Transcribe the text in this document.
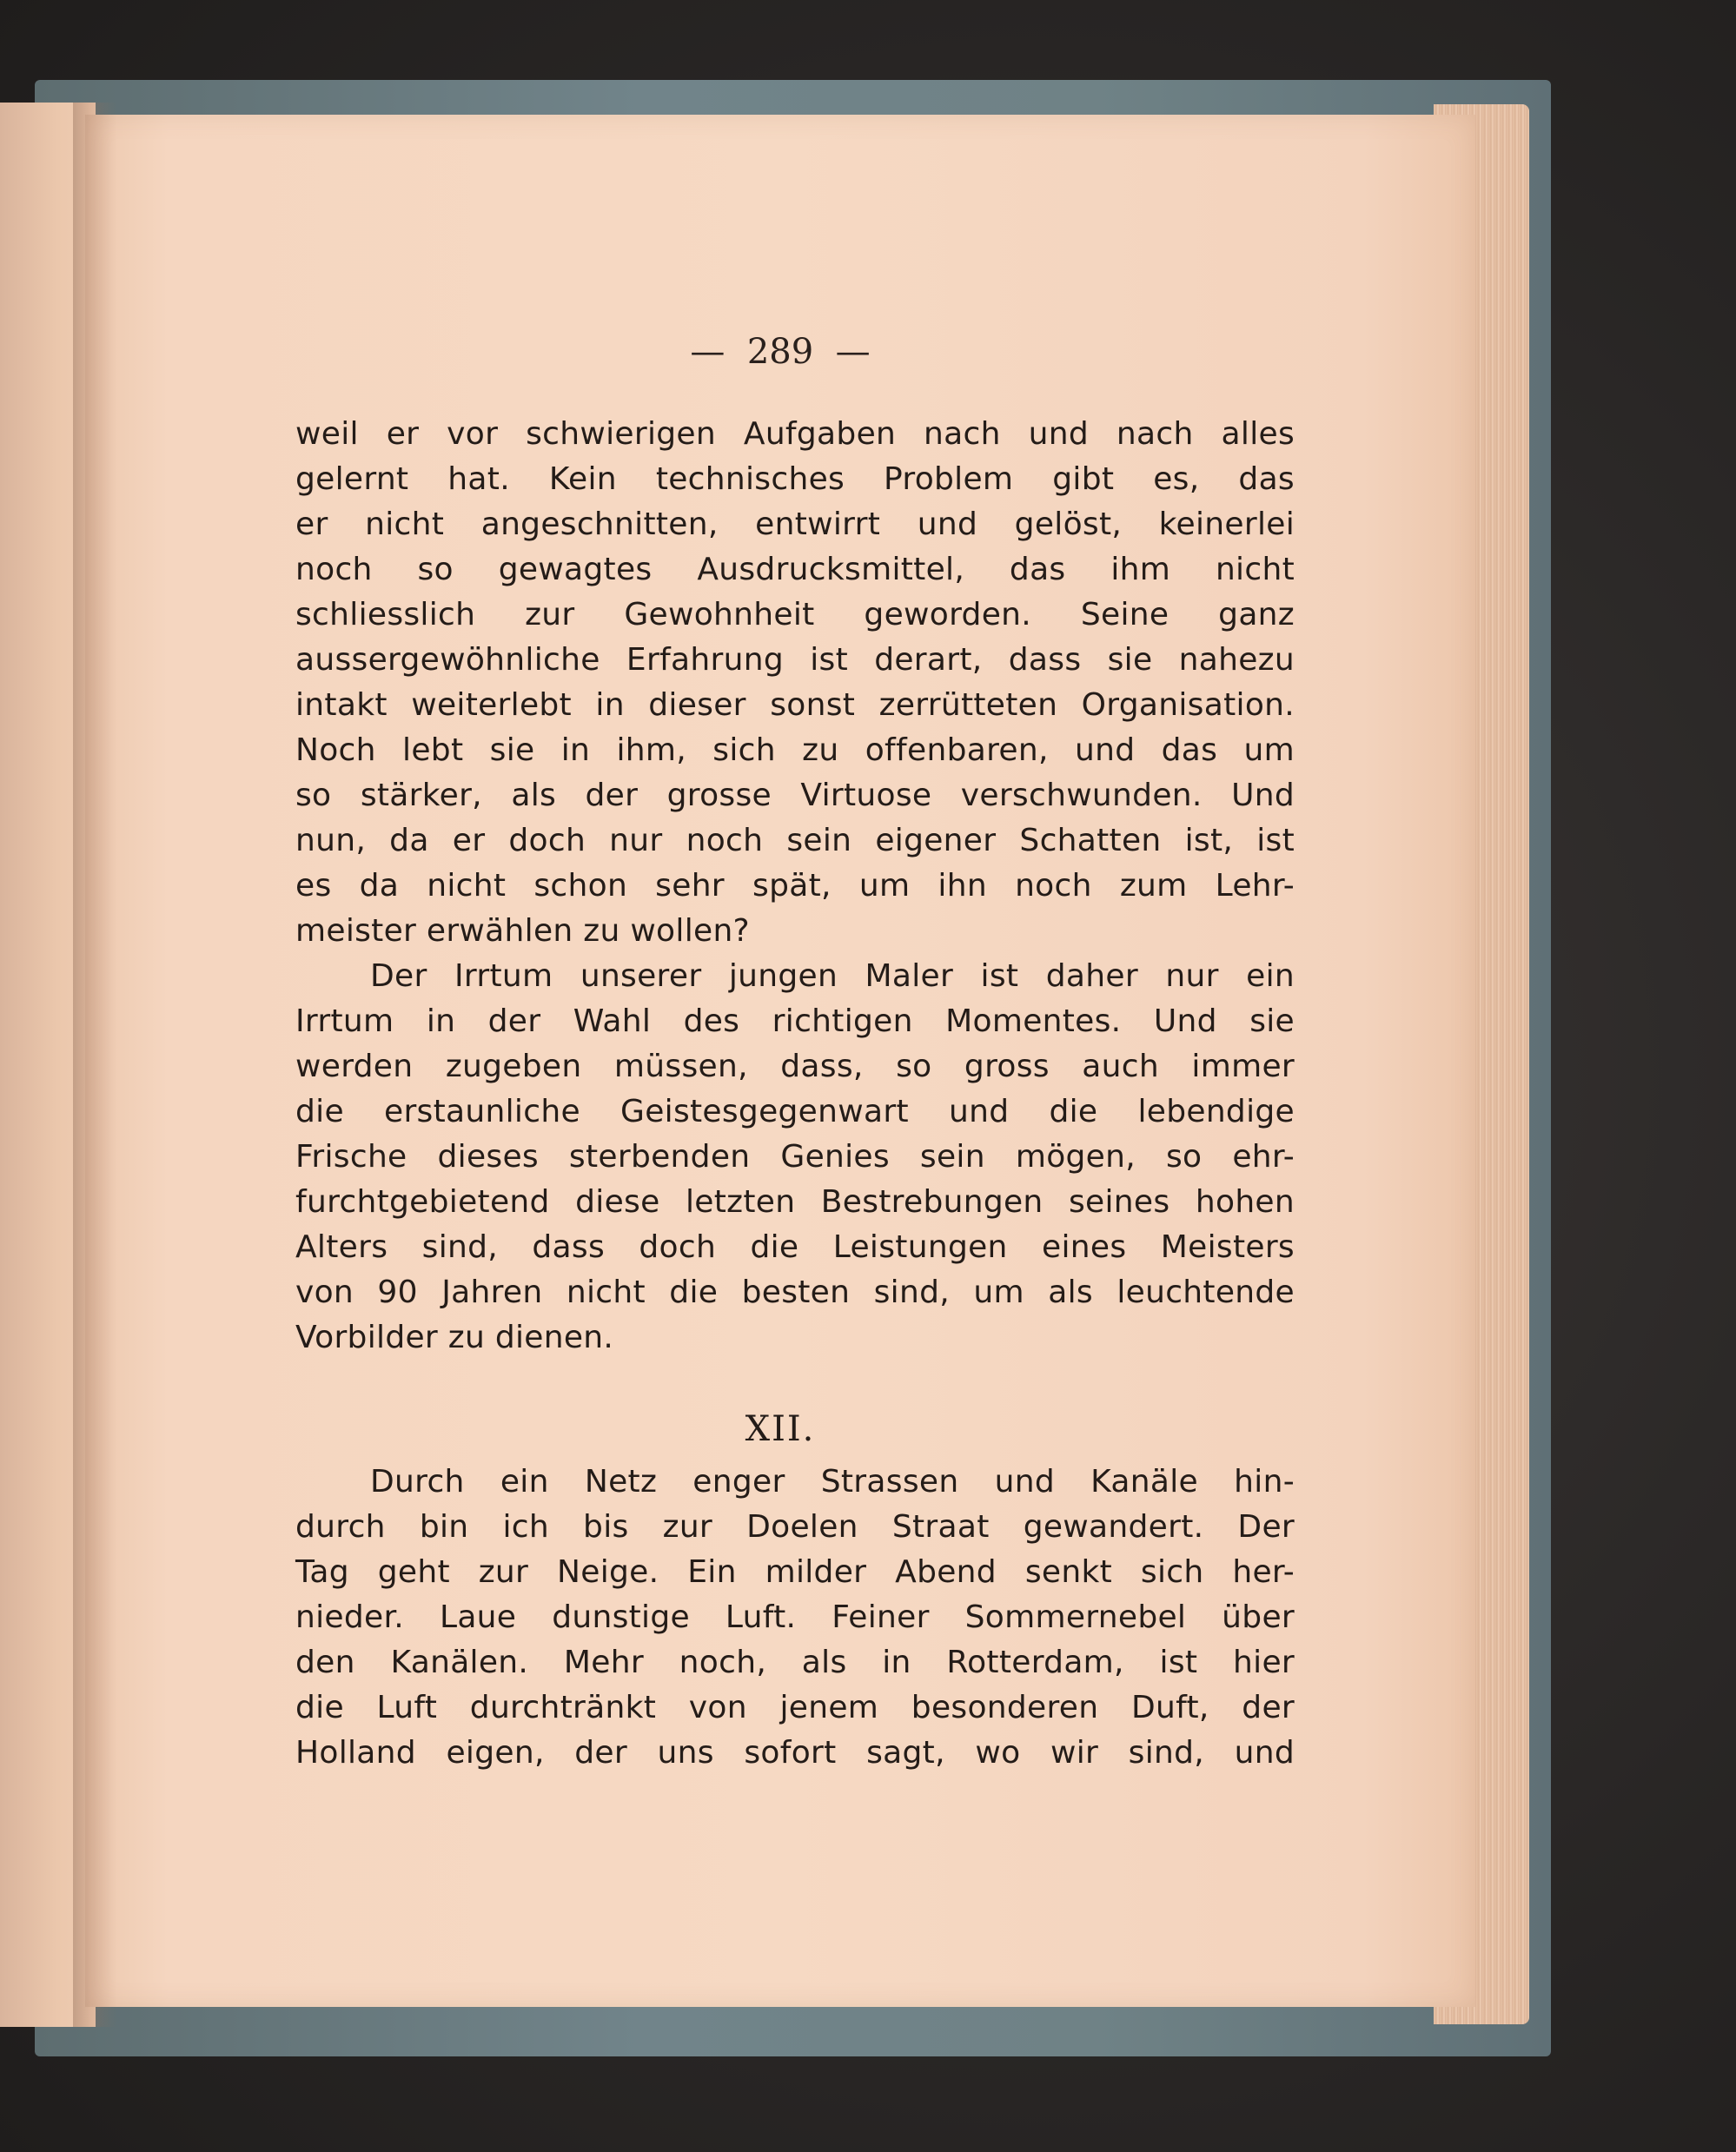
—  289  —
weil er vor schwierigen Aufgaben nach und nach alles
gelernt hat. Kein technisches Problem gibt es, das
er nicht angeschnitten, entwirrt und gelöst, keinerlei
noch so gewagtes Ausdrucksmittel, das ihm nicht
schliesslich zur Gewohnheit geworden. Seine ganz
aussergewöhnliche Erfahrung ist derart, dass sie nahezu
intakt weiterlebt in dieser sonst zerrütteten Organisation.
Noch lebt sie in ihm, sich zu offenbaren, und das um
so stärker, als der grosse Virtuose verschwunden. Und
nun, da er doch nur noch sein eigener Schatten ist, ist
es da nicht schon sehr spät, um ihn noch zum Lehr-
meister erwählen zu wollen?
Der Irrtum unserer jungen Maler ist daher nur ein
Irrtum in der Wahl des richtigen Momentes. Und sie
werden zugeben müssen, dass, so gross auch immer
die erstaunliche Geistesgegenwart und die lebendige
Frische dieses sterbenden Genies sein mögen, so ehr-
furchtgebietend diese letzten Bestrebungen seines hohen
Alters sind, dass doch die Leistungen eines Meisters
von 90 Jahren nicht die besten sind, um als leuchtende
Vorbilder zu dienen.
XII.
Durch ein Netz enger Strassen und Kanäle hin-
durch bin ich bis zur Doelen Straat gewandert. Der
Tag geht zur Neige. Ein milder Abend senkt sich her-
nieder. Laue dunstige Luft. Feiner Sommernebel über
den Kanälen. Mehr noch, als in Rotterdam, ist hier
die Luft durchtränkt von jenem besonderen Duft, der
Holland eigen, der uns sofort sagt, wo wir sind, und
